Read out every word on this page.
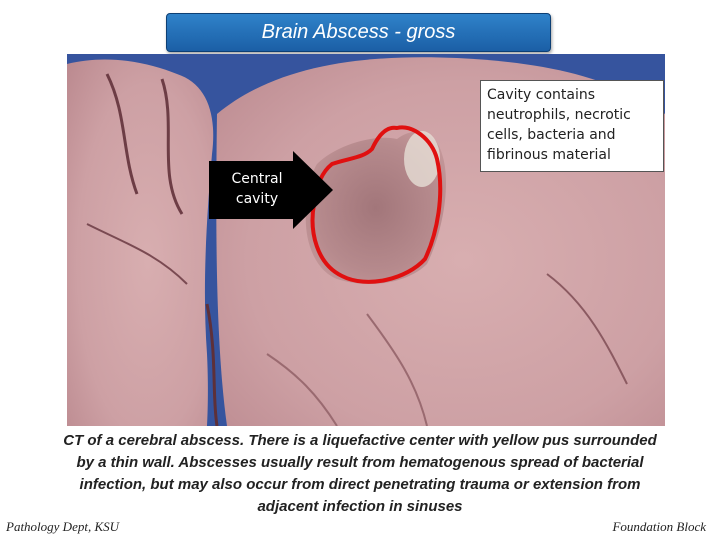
Brain Abscess - gross
Cavity contains neutrophils, necrotic cells, bacteria and fibrinous material
Central cavity
CT of a cerebral abscess. There is a liquefactive center with yellow pus surrounded by a thin wall. Abscesses usually result from hematogenous spread of bacterial infection, but may also occur from direct penetrating trauma or extension from adjacent infection in sinuses
Pathology Dept, KSU	Foundation Block
